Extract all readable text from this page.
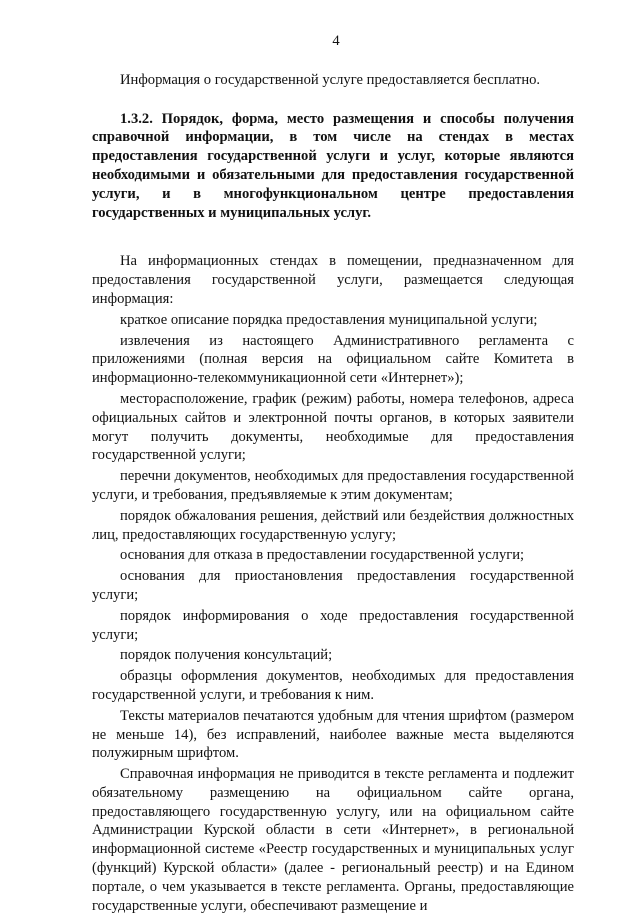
4

Информация о государственной услуге предоставляется бесплатно.

1.3.2. Порядок, форма, место размещения и способы получения справочной информации, в том числе на стендах в местах предоставления государственной услуги и услуг, которые являются необходимыми и обязательными для предоставления государственной услуги, и в многофункциональном центре предоставления государственных и муниципальных услуг.

На информационных стендах в помещении, предназначенном для предоставления государственной услуги, размещается следующая информация:

краткое описание порядка предоставления муниципальной услуги;

извлечения из настоящего Административного регламента с приложениями (полная версия на официальном сайте Комитета в информационно-телекоммуникационной сети «Интернет»);

месторасположение, график (режим) работы, номера телефонов, адреса официальных сайтов и электронной почты органов, в которых заявители могут получить документы, необходимые для предоставления государственной услуги;

перечни документов, необходимых для предоставления государственной услуги, и требования, предъявляемые к этим документам;

порядок обжалования решения, действий или бездействия должностных лиц, предоставляющих государственную услугу;

основания для отказа в предоставлении государственной услуги;

основания для приостановления предоставления государственной услуги;

порядок информирования о ходе предоставления государственной услуги;

порядок получения консультаций;

образцы оформления документов, необходимых для предоставления государственной услуги, и требования к ним.

Тексты материалов печатаются удобным для чтения шрифтом (размером не меньше 14), без исправлений, наиболее важные места выделяются полужирным шрифтом.

Справочная информация не приводится в тексте регламента и подлежит обязательному размещению на официальном сайте органа, предоставляющего государственную услугу, или на официальном сайте Администрации Курской области в сети «Интернет», в региональной информационной системе «Реестр государственных и муниципальных услуг (функций) Курской области» (далее - региональный реестр) и на Едином портале, о чем указывается в тексте регламента. Органы, предоставляющие государственные услуги, обеспечивают размещение и
